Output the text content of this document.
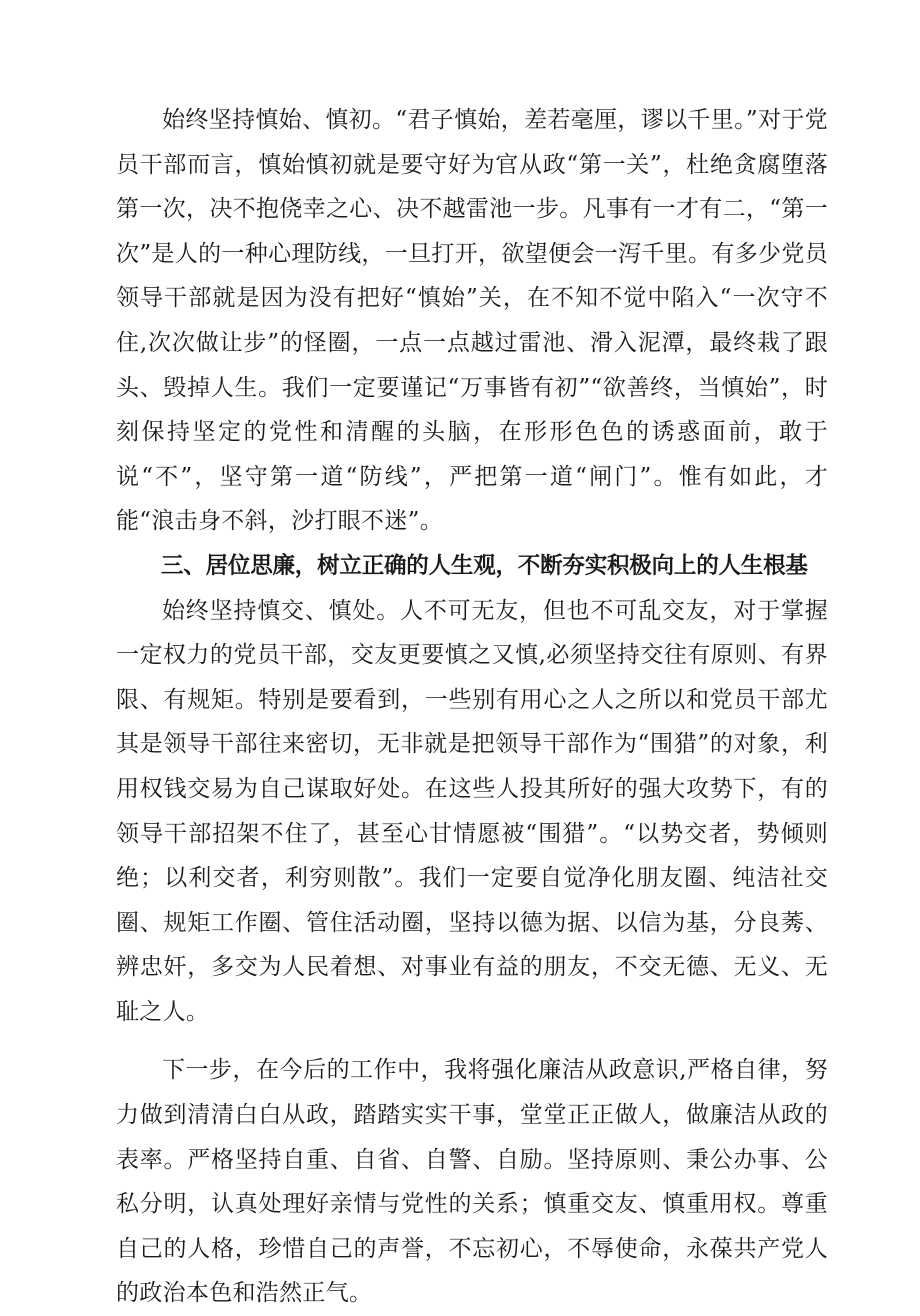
始终坚持慎始、慎初。“君子慎始，差若毫厘，谬以千里。”对于党员干部而言，慎始慎初就是要守好为官从政“第一关”，杜绝贪腐堕落第一次，决不抱侥幸之心、决不越雷池一步。凡事有一才有二，“第一次”是人的一种心理防线，一旦打开，欲望便会一泻千里。有多少党员领导干部就是因为没有把好“慎始”关，在不知不觉中陷入“一次守不住,次次做让步”的怪圈，一点一点越过雷池、滑入泥潭，最终栽了跟头、毁掉人生。我们一定要谨记“万事皆有初”“欲善终，当慎始”，时刻保持坚定的党性和清醒的头脑，在形形色色的诱惑面前，敢于说“不”，坚守第一道“防线”，严把第一道“闸门”。惟有如此，才能“浪击身不斜，沙打眼不迷”。

三、居位思廉，树立正确的人生观，不断夯实积极向上的人生根基

始终坚持慎交、慎处。人不可无友，但也不可乱交友，对于掌握一定权力的党员干部，交友更要慎之又慎,必须坚持交往有原则、有界限、有规矩。特别是要看到，一些别有用心之人之所以和党员干部尤其是领导干部往来密切，无非就是把领导干部作为“围猎”的对象，利用权钱交易为自己谋取好处。在这些人投其所好的强大攻势下，有的领导干部招架不住了，甚至心甘情愿被“围猎”。“以势交者，势倾则绝；以利交者，利穷则散”。我们一定要自觉净化朋友圈、纯洁社交圈、规矩工作圈、管住活动圈，坚持以德为据、以信为基，分良莠、辨忠奸，多交为人民着想、对事业有益的朋友，不交无德、无义、无耻之人。

下一步，在今后的工作中，我将强化廉洁从政意识,严格自律，努力做到清清白白从政，踏踏实实干事，堂堂正正做人，做廉洁从政的表率。严格坚持自重、自省、自警、自励。坚持原则、秉公办事、公私分明，认真处理好亲情与党性的关系；慎重交友、慎重用权。尊重自己的人格，珍惜自己的声誉，不忘初心，不辱使命，永葆共产党人的政治本色和浩然正气。
